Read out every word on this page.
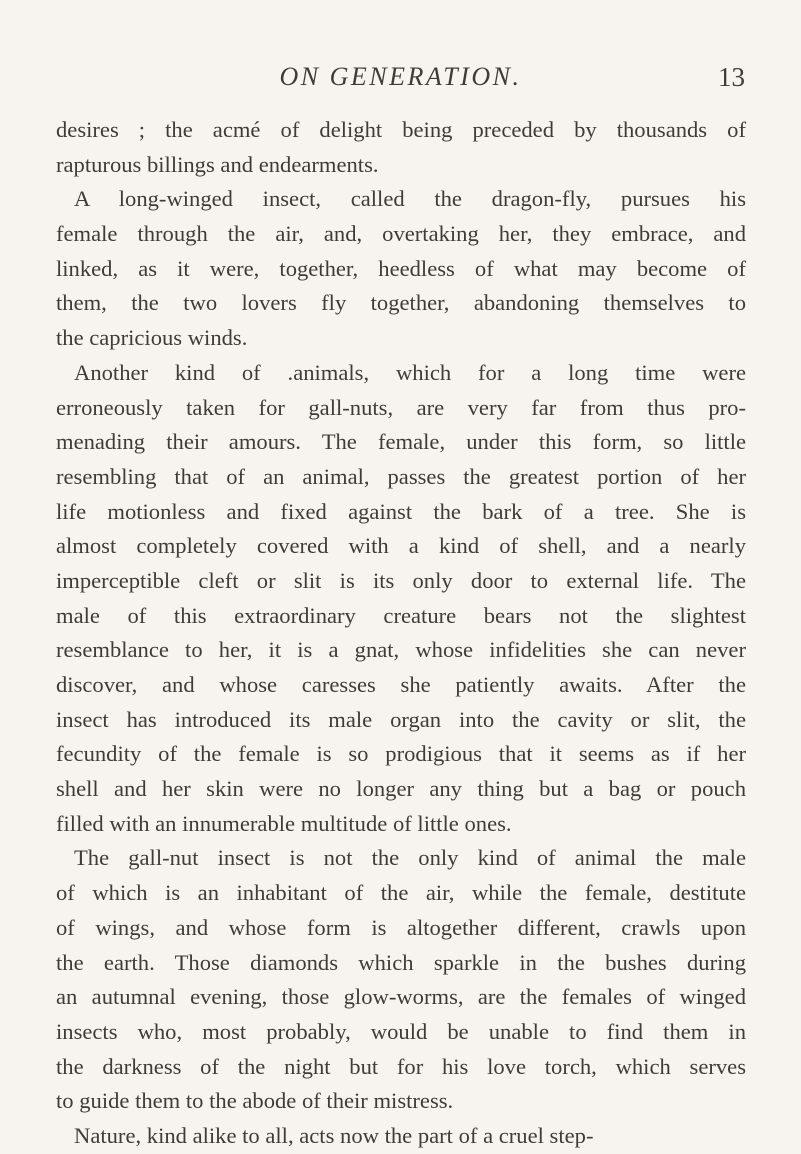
ON GENERATION.	13
desires ; the acmé of delight being preceded by thousands of
rapturous billings and endearments.
A long-winged insect, called the dragon-fly, pursues his
female through the air, and, overtaking her, they embrace, and
linked, as it were, together, heedless of what may become of
them, the two lovers fly together, abandoning themselves to
the capricious winds.
Another kind of .animals, which for a long time were
erroneously taken for gall-nuts, are very far from thus pro-
menading their amours. The female, under this form, so little
resembling that of an animal, passes the greatest portion of her
life motionless and fixed against the bark of a tree. She is
almost completely covered with a kind of shell, and a nearly
imperceptible cleft or slit is its only door to external life. The
male of this extraordinary creature bears not the slightest
resemblance to her, it is a gnat, whose infidelities she can never
discover, and whose caresses she patiently awaits. After the
insect has introduced its male organ into the cavity or slit, the
fecundity of the female is so prodigious that it seems as if her
shell and her skin were no longer any thing but a bag or pouch
filled with an innumerable multitude of little ones.
The gall-nut insect is not the only kind of animal the male
of which is an inhabitant of the air, while the female, destitute
of wings, and whose form is altogether different, crawls upon
the earth. Those diamonds which sparkle in the bushes during
an autumnal evening, those glow-worms, are the females of winged
insects who, most probably, would be unable to find them in
the darkness of the night but for his love torch, which serves
to guide them to the abode of their mistress.
Nature, kind alike to all, acts now the part of a cruel step-
